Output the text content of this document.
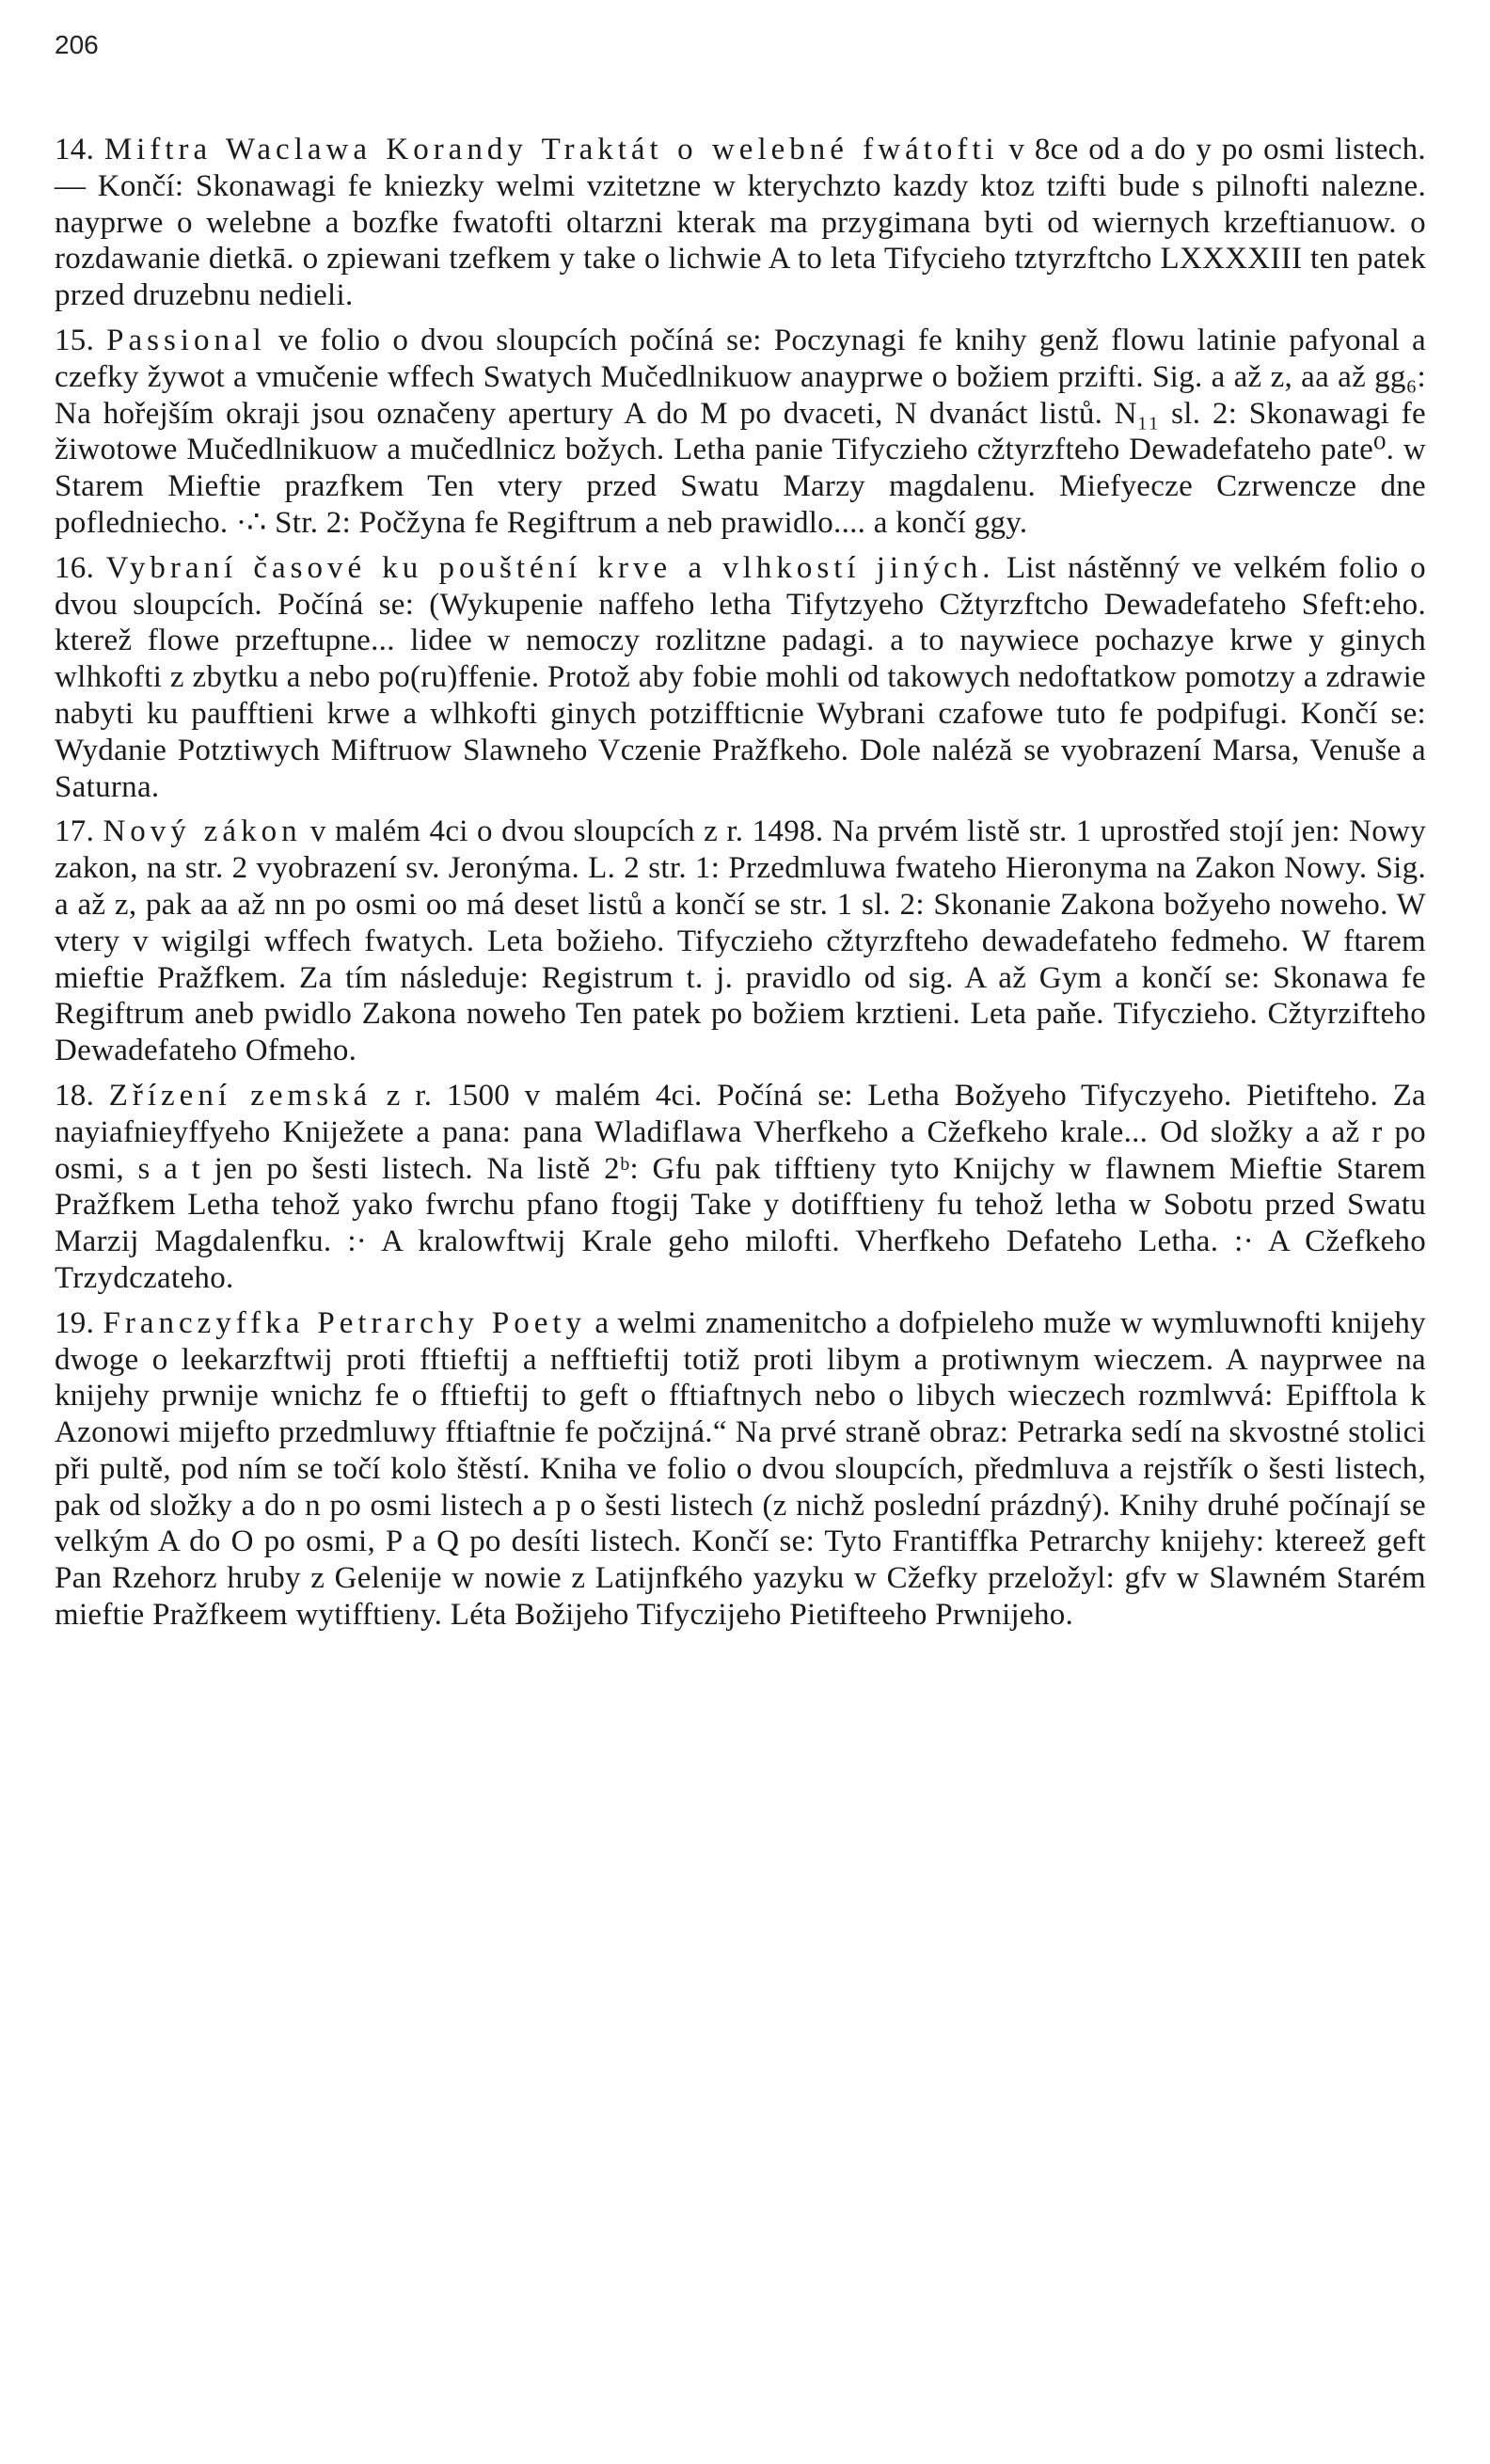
206

14. Miftra Waclawa Korandy Traktát o welebné fwátofti v 8ce od a do y po osmi listech. — Končí: Skonawagi fe kniezky welmi vzitetzne w kterychzto kazdy ktoz tzifti bude s pilnofti nalezne. nayprwe o welebne a bozfke fwatofti oltarzni kterak ma przygimana byti od wiernych krzeftianuow. o rozdawanie dietkā. o zpiewani tzefkem y take o lichwie A to leta Tifycieho tztyrzftcho LXXXXIII ten patek przed druzebnu nedieli.

15. Passional ve folio o dvou sloupcích počíná se: Poczynagi fe knihy genž flowu latinie pafyonal a czefky žywot a vmučenie wffech Swatych Mučedlnikuow anayprwe o božiem przifti. Sig. a až z, aa až gg₆: Na hořejším okraji jsou označeny apertury A do M po dvaceti, N dvanáct listů. N₁₁ sl. 2: Skonawagi fe žiwotowe Mučedlnikuow a mučedlnicz božych. Letha panie Tifyczieho cžtyrzfteho Dewadefateho pate⁰. w Starem Mieftie prazfkem Ten vtery przed Swatu Marzy magdalenu. Miefyecze Czrwencze dne pofledniecho. ·∴ Str. 2: Počžyna fe Regiftrum a neb prawidlo.... a končí ggy.

16. Vybraní časové ku poušténí krve a vlhkostí jiných. List nástěnný ve velkém folio o dvou sloupcích. Počíná se: (Wykupenie naffeho letha Tifytzyeho Cžtyrzftcho Dewadefateho Sfeft:eho. kterež flowe przeftupne... lidee w nemoczy rozlitzne padagi. a to naywiece pochazye krwe y ginych wlhkofti z zbytku a nebo po(ru)ffenie. Protož aby fobie mohli od takowych nedoftatkow pomotzy a zdrawie nabyti ku paufftieni krwe a wlhkofti ginych potziffticnie Wybrani czafowe tuto fe podpifugi. Končí se: Wydanie Potztiwych Miftruow Slawneho Vczenie Pražfkeho. Dole naléză se vyobrazení Marsa, Venuše a Saturna.

17. Nový zákon v malém 4ci o dvou sloupcích z r. 1498. Na prvém listě str. 1 uprostřed stojí jen: Nowy zakon, na str. 2 vyobrazení sv. Jeronýma. L. 2 str. 1: Przedmluwa fwateho Hieronyma na Zakon Nowy. Sig. a až z, pak aa až nn po osmi oo má deset listů a končí se str. 1 sl. 2: Skonanie Zakona božyeho noweho. W vtery v wigilgi wffech fwatych. Leta božieho. Tifyczieho cžtyrzfteho dewadefateho fedmeho. W ftarem mieftie Pražfkem. Za tím následuje: Registrum t. j. pravidlo od sig. A až Gym a končí se: Skonawa fe Regiftrum aneb pwidlo Zakona noweho Ten patek po božiem krztieni. Leta paňe. Tifyczieho. Cžtyrzifteho Dewadefateho Ofmeho.

18. Zřízení zemská z r. 1500 v malém 4ci. Počíná se: Letha Božyeho Tifyczyeho. Pietifteho. Za nayiafnieyffyeho Kniježete a pana: pana Wladiflawa Vherfkeho a Cžefkeho krale... Od složky a až r po osmi, s a t jen po šesti listech. Na listě 2ᵇ: Gfu pak tifftieny tyto Knijchy w flawnem Mieftie Starem Pražfkem Letha tehož yako fwrchu pfano ftogij Take y dotifftieny fu tehož letha w Sobotu przed Swatu Marzij Magdalenfku. :· A kralowftwij Krale geho milofti. Vherfkeho Defateho Letha. :· A Cžefkeho Trzydczateho.

19. Franczyffka Petrarchy Poety a welmi znamenitcho a dofpieleho muže w wymluwnofti knijehy dwoge o leekarzftwij proti fftieftij a nefftieftij totiž proti libym a protiwnym wieczem. A nayprwee na knijehy prwnije wnichz fe o fftieftij to geft o fftiaftnych nebo o libych wieczech rozmlwvá: Epifftola k Azonowi mijefto przedmluwy fftiaftnie fe počzijná.“ Na prvé straně obraz: Petrarka sedí na skvostné stolici při pultě, pod ním se točí kolo štěstí. Kniha ve folio o dvou sloupcích, předmluva a rejstřík o šesti listech, pak od složky a do n po osmi listech a p o šesti listech (z nichž poslední prázdný). Knihy druhé počínají se velkým A do O po osmi, P a Q po desíti listech. Končí se: Tyto Frantiffka Petrarchy knijehy: ktereež geft Pan Rzehorz hruby z Gelenije w nowie z Latijnfkého yazyku w Cžefky przeložyl: gfv w Slawném Starém mieftie Pražfkeem wytifftieny. Léta Božijeho Tifyczijeho Pietifteeho Prwnijeho.
